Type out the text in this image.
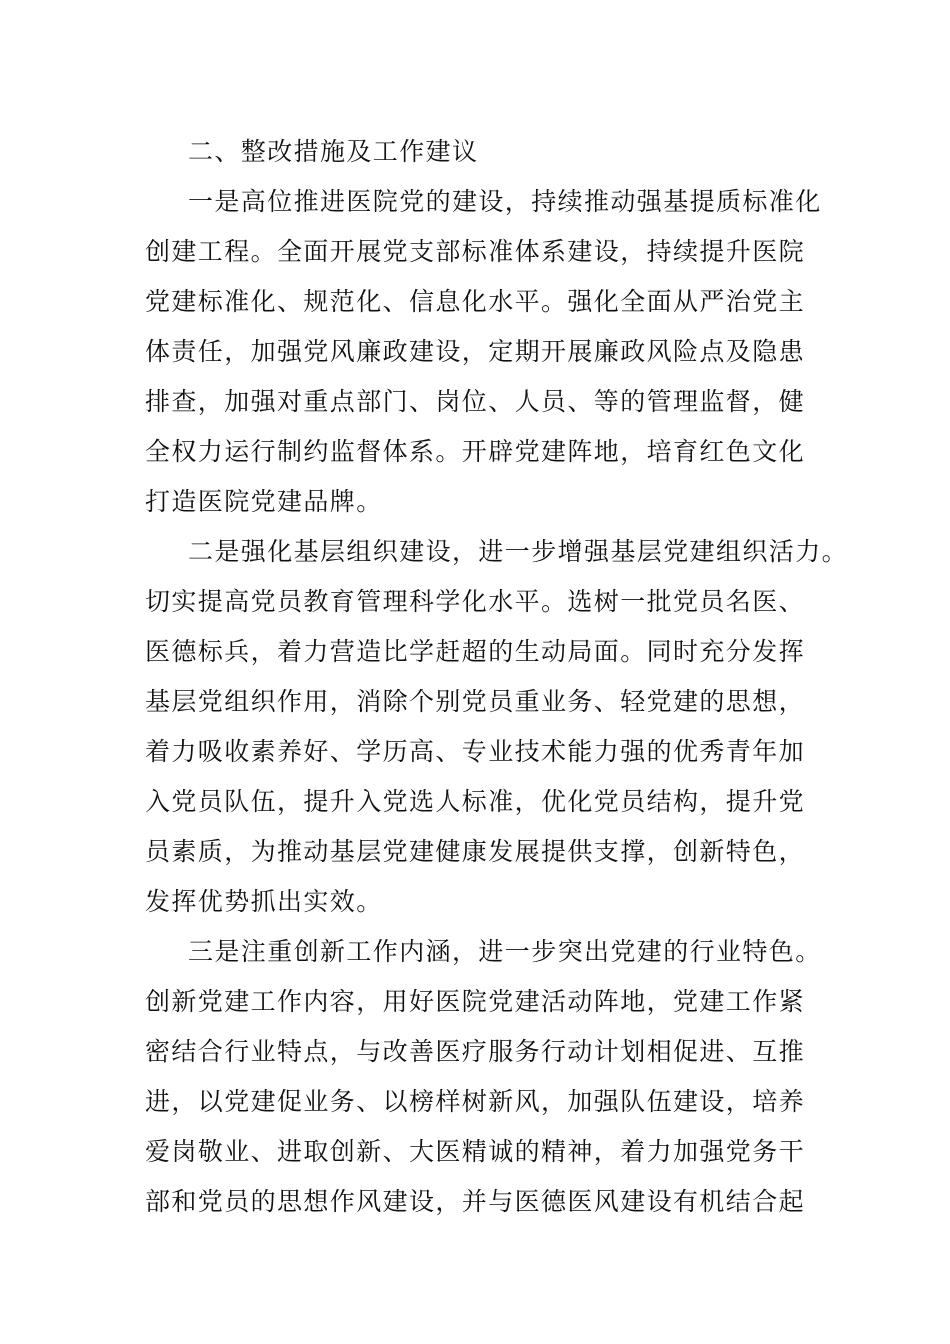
二、整改措施及工作建议
一是高位推进医院党的建设，持续推动强基提质标准化
创建工程。全面开展党支部标准体系建设，持续提升医院
党建标准化、规范化、信息化水平。强化全面从严治党主
体责任，加强党风廉政建设，定期开展廉政风险点及隐患
排查，加强对重点部门、岗位、人员、等的管理监督，健
全权力运行制约监督体系。开辟党建阵地，培育红色文化
打造医院党建品牌。
二是强化基层组织建设，进一步增强基层党建组织活力。
切实提高党员教育管理科学化水平。选树一批党员名医、
医德标兵，着力营造比学赶超的生动局面。同时充分发挥
基层党组织作用，消除个别党员重业务、轻党建的思想，
着力吸收素养好、学历高、专业技术能力强的优秀青年加
入党员队伍，提升入党选人标准，优化党员结构，提升党
员素质，为推动基层党建健康发展提供支撑，创新特色，
发挥优势抓出实效。
三是注重创新工作内涵，进一步突出党建的行业特色。
创新党建工作内容，用好医院党建活动阵地，党建工作紧
密结合行业特点，与改善医疗服务行动计划相促进、互推
进，以党建促业务、以榜样树新风，加强队伍建设，培养
爱岗敬业、进取创新、大医精诚的精神，着力加强党务干
部和党员的思想作风建设，并与医德医风建设有机结合起
